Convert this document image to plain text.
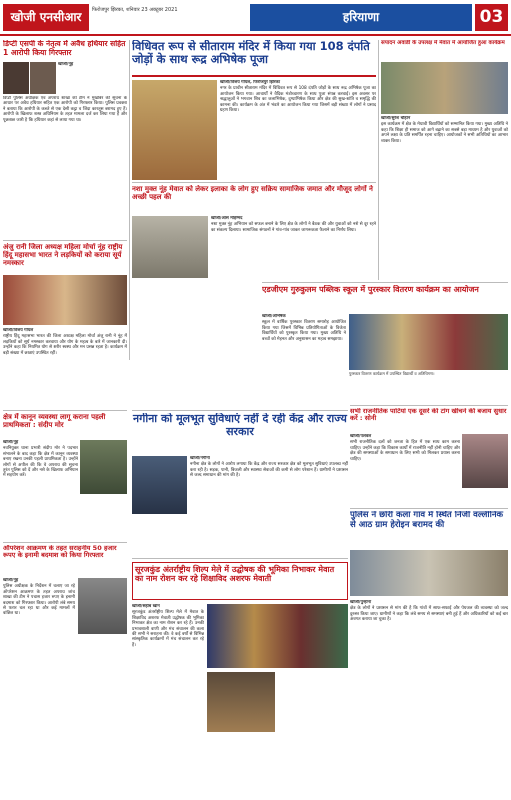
खोजी एनसीआर	फिरोजपुर झिरका, शनिवार 23 अक्टूबर 2021	हरियाणा	03
डिप्टी एसपी के नेतृत्व में अवैध हथियार सहित 1 आरोपी किया गिरफ्तार
खोजी/नूंह
डिप्टी पुलिस अधीक्षक एवं अपराध शाखा की टीम ने मुखबिर की सूचना के आधार पर अवैध हथियार सहित एक आरोपी को गिरफ्तार किया। पुलिस प्रवक्ता ने बताया कि आरोपी के कब्जे से एक देसी कट्टा व जिंदा कारतूस बरामद हुए हैं। आरोपी के खिलाफ शस्त्र अधिनियम के तहत मामला दर्ज कर लिया गया है और पूछताछ जारी है कि हथियार कहां से लाया गया था।
विधिवत रूप से सीताराम मंदिर में किया गया 108 दंपति जोड़ों के साथ रूद्र अभिषेक पूजा
खोजी/विजय गोयल, फिरोजपुर झिरका
नगर के प्राचीन सीताराम मंदिर में विधिवत रूप से 108 दंपति जोड़ों के साथ रूद्र अभिषेक पूजा का आयोजन किया गया। आचार्यों ने वैदिक मंत्रोच्चारण के साथ पूजा संपन्न करवाई। इस अवसर पर श्रद्धालुओं ने भगवान शिव का जलाभिषेक, दुग्धाभिषेक किया और क्षेत्र की सुख-शांति व समृद्धि की कामना की। कार्यक्रम के अंत में भंडारे का आयोजन किया गया जिसमें बड़ी संख्या में लोगों ने प्रसाद ग्रहण किया।
संपादन अवार्डी के उपलक्ष में मेवात में आयोजित हुआ कार्यक्रम
खोजी/सुरेश चौहान
इस कार्यक्रम में क्षेत्र के मेधावी विद्यार्थियों को सम्मानित किया गया। मुख्य अतिथि ने कहा कि शिक्षा ही समाज को आगे बढ़ाने का सबसे बड़ा माध्यम है और युवाओं को अपने लक्ष्य के प्रति समर्पित रहना चाहिए। आयोजकों ने सभी अतिथियों का आभार व्यक्त किया।
अंजु रानी जिला अध्यक्ष महिला मोर्चा नूंह राष्ट्रीय हिंदू महासभा भारत ने लड़कियों को कराया सूर्य नमस्कार
खोजी/विजय गोयल
राष्ट्रीय हिंदू महासभा भारत की जिला अध्यक्ष महिला मोर्चा अंजु रानी ने नूंह में लड़कियों को सूर्य नमस्कार करवाया और योग के महत्व के बारे में जानकारी दी। उन्होंने कहा कि नियमित योग से शरीर स्वस्थ और मन प्रसन्न रहता है। कार्यक्रम में बड़ी संख्या में छात्राएं उपस्थित रहीं।
नशा मुक्त नूंह मेवात को लेकर इलाका के लोग हुए सक्रिय सामाजिक जमात और मौजूद लोगों ने अच्छी पहल की
खोजी/आस मोहम्मद
नशा मुक्त नूंह अभियान को सफल बनाने के लिए क्षेत्र के लोगों ने बैठक की और युवाओं को नशे से दूर रहने का संकल्प दिलाया। सामाजिक संगठनों ने गांव-गांव जाकर जागरूकता फैलाने का निर्णय लिया।
एडजीएम गुरुकुलम पब्लिक स्कूल में पुरस्कार वितरण कार्यक्रम का आयोजन
खोजी/अभिषेक
स्कूल में वार्षिक पुरस्कार वितरण समारोह आयोजित किया गया जिसमें विभिन्न प्रतियोगिताओं के विजेता विद्यार्थियों को पुरस्कृत किया गया। मुख्य अतिथि ने बच्चों को मेहनत और अनुशासन का महत्व समझाया।
पुरस्कार वितरण कार्यक्रम में उपस्थित विद्यार्थी व अतिथिगण।
क्षेत्र में कानून व्यवस्था लागू कराना पहली प्राथमिकता : संदीप मोर
खोजी/नूंह
नवनियुक्त थाना प्रभारी संदीप मोर ने पदभार संभालने के बाद कहा कि क्षेत्र में कानून व्यवस्था बनाए रखना उनकी पहली प्राथमिकता है। उन्होंने लोगों से अपील की कि वे अपराध की सूचना तुरंत पुलिस को दें और नशे के खिलाफ अभियान में सहयोग करें।
ऑपरेशन आक्रमण के तहत सराहनीय 50 हजार रूपए के इनामी बदमाश को किया गिरफ्तार
खोजी/नूंह
पुलिस अधीक्षक के निर्देशन में चलाए जा रहे ऑपरेशन आक्रमण के तहत अपराध जांच शाखा की टीम ने पचास हजार रुपए के इनामी बदमाश को गिरफ्तार किया। आरोपी लंबे समय से फरार चल रहा था और कई मामलों में वांछित था।
सभी राजनीतिक पार्टियां एक दूसरे की टांग खींचने की बजाय सुधार करें : सोनी
खोजी/पलवल
सभी राजनीतिक दलों को जनता के हित में एक साथ काम करना चाहिए। उन्होंने कहा कि विकास कार्यों में राजनीति नहीं होनी चाहिए और क्षेत्र की समस्याओं के समाधान के लिए सभी को मिलकर प्रयास करना चाहिए।
नगीना को मूलभूत सुविधाएं नहीं दे रही केंद्र और राज्य सरकार
खोजी/नगीना
नगीना क्षेत्र के लोगों ने आरोप लगाया कि केंद्र और राज्य सरकार क्षेत्र को मूलभूत सुविधाएं उपलब्ध नहीं करा रही है। सड़क, पानी, बिजली और स्वास्थ्य सेवाओं की कमी से लोग परेशान हैं। ग्रामीणों ने प्रशासन से जल्द समाधान की मांग की है।
पुलिस ने छोरी कलां गांव में स्थित निजी वल्लीनिक से आठ ग्राम हेरोइन बरामद की
सूरजकुंड अंतर्राष्ट्रीय शिल्प मेले में उद्घोषक की भूमिका निभाकर मेवात का नाम रोशन कर रहे शिक्षाविद अशरफ मेवाती
खोजी/सहाब खान
सूरजकुंड अंतर्राष्ट्रीय शिल्प मेले में मेवात के शिक्षाविद अशरफ मेवाती उद्घोषक की भूमिका निभाकर क्षेत्र का नाम रोशन कर रहे हैं। उनकी प्रभावशाली वाणी और मंच संचालन की कला की सभी ने सराहना की। वे कई वर्षों से विभिन्न सांस्कृतिक कार्यक्रमों में मंच संचालन कर रहे हैं।
खोजी/पुन्हाना
क्षेत्र के लोगों ने प्रशासन से मांग की है कि गांवों में साफ-सफाई और पेयजल की व्यवस्था को जल्द दुरुस्त किया जाए। ग्रामीणों ने कहा कि लंबे समय से समस्याएं बनी हुई हैं और अधिकारियों को कई बार अवगत कराया जा चुका है।
